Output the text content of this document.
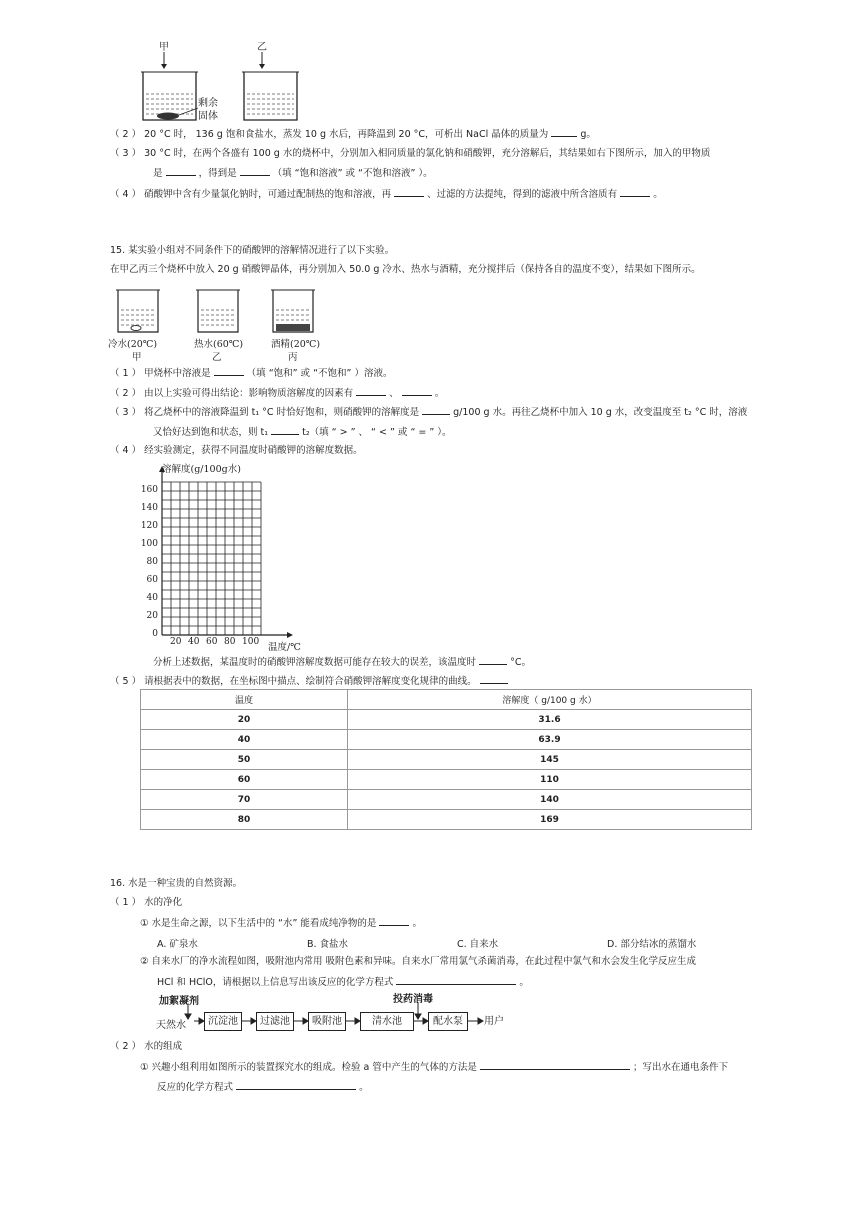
甲	乙
剩余
固体
（ 2 ） 20 °C 时， 136 g 饱和食盐水，蒸发 10 g 水后，再降温到 20 °C，可析出 NaCl 晶体的质量为	g。
（ 3 ） 30 °C 时，在两个各盛有 100 g 水的烧杯中，分别加入相同质量的氯化钠和硝酸钾，充分溶解后，其结果如右下图所示，加入的甲物质
是	，得到是	（填 “饱和溶液” 或 “不饱和溶液” ）。
（ 4 ） 硝酸钾中含有少量氯化钠时，可通过配制热的饱和溶液，再	、过滤的方法提纯，得到的滤液中所含溶质有	。
15. 某实验小组对不同条件下的硝酸钾的溶解情况进行了以下实验。
在甲乙丙三个烧杯中放入 20 g 硝酸钾晶体，再分别加入 50.0 g 冷水、热水与酒精，充分搅拌后（保持各自的温度不变），结果如下图所示。
冷水(20℃)	热水(60℃)	酒精(20℃)
甲	乙	丙
（ 1 ） 甲烧杯中溶液是	（填 “饱和” 或 “不饱和” ）溶液。
（ 2 ） 由以上实验可得出结论：影响物质溶解度的因素有	、	。
（ 3 ） 将乙烧杯中的溶液降温到 t₁ °C 时恰好饱和，则硝酸钾的溶解度是	g/100 g 水。再往乙烧杯中加入 10 g 水，改变温度至 t₂ °C 时，溶液
又恰好达到饱和状态，则 t₁	t₂（填 “ > ” 、 “ < ” 或 “ = ” ）。
（ 4 ） 经实验测定，获得不同温度时硝酸钾的溶解度数据。
溶解度(g/100g水)
温度/℃
160
140
120
100
80
60
40
20
0
20 40 60 80 100
分析上述数据，某温度时的硝酸钾溶解度数据可能存在较大的误差，该温度时	°C。
（ 5 ） 请根据表中的数据，在坐标图中描点、绘制符合硝酸钾溶解度变化规律的曲线。
温度	溶解度（ g/100 g 水）
20	31.6
40	63.9
50	145
60	110
70	140
80	169
16. 水是一种宝贵的自然资源。
（ 1 ） 水的净化
① 水是生命之源，以下生活中的 “水” 能看成纯净物的是	。
A. 矿泉水	B. 食盐水	C. 自来水	D. 部分结冰的蒸馏水
② 自来水厂的净水流程如图，吸附池内常用 吸附色素和异味。自来水厂常用氯气杀菌消毒，在此过程中氯气和水会发生化学反应生成
HCl 和 HClO，请根据以上信息写出该反应的化学方程式	。
加絮凝剂	投药消毒
天然水	沉淀池	过滤池	吸附池	清水池	配水泵	用户
（ 2 ） 水的组成
① 兴趣小组利用如图所示的装置探究水的组成。检验 a 管中产生的气体的方法是	；写出水在通电条件下
反应的化学方程式	。
